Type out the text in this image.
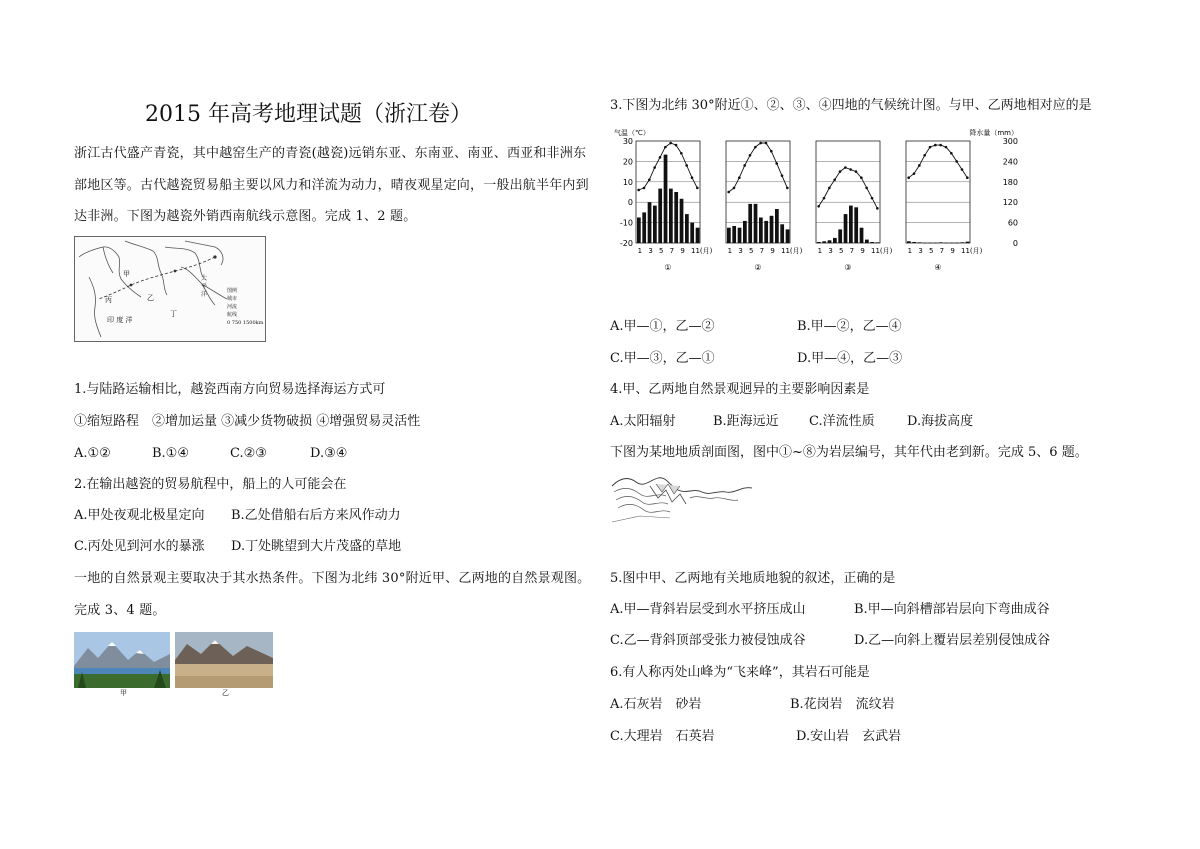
2015 年高考地理试题（浙江卷）
浙江古代盛产青瓷，其中越窑生产的青瓷(越瓷)远销东亚、东南亚、南亚、西亚和非洲东部地区等。古代越瓷贸易船主要以风力和洋流为动力，晴夜观星定向，一般出航半年内到达非洲。下图为越瓷外销西南航线示意图。完成 1、2 题。
甲
乙
丙
丁
印 度 洋
太
平
洋	图例
城市
河流
航线
0 750 1500km
1.与陆路运输相比，越瓷西南方向贸易选择海运方式可
①缩短路程　②增加运量 ③减少货物破损 ④增强贸易灵活性
A.①②	B.①④	C.②③	D.③④
2.在输出越瓷的贸易航程中，船上的人可能会在
A.甲处夜观北极星定向 B.乙处借船右后方来风作动力
C.丙处见到河水的暴涨 D.丁处眺望到大片茂盛的草地
一地的自然景观主要取决于其水热条件。下图为北纬 30°附近甲、乙两地的自然景观图。完成 3、4 题。
甲	乙
3.下图为北纬 30°附近①、②、③、④四地的气候统计图。与甲、乙两地相对应的是
气温（℃）	降水量（mm）
30
20
10
0
-10
-20
300
240
180
120
60
0
1 3 5 7 9 11(月)
①
1 3 5 7 9 11(月)
②
1 3 5 7 9 11(月)
③
1 3 5 7 9 11(月)
④
A.甲—①，乙—②	B.甲—②，乙—④
C.甲—③，乙—①	D.甲—④，乙—③
4.甲、乙两地自然景观迥异的主要影响因素是
A.太阳辐射	B.距海远近 C.洋流性质 D.海拔高度
下图为某地地质剖面图，图中①~⑧为岩层编号，其年代由老到新。完成 5、6 题。
5.图中甲、乙两地有关地质地貌的叙述，正确的是
A.甲—背斜岩层受到水平挤压成山	B.甲—向斜槽部岩层向下弯曲成谷
C.乙—背斜顶部受张力被侵蚀成谷	D.乙—向斜上覆岩层差别侵蚀成谷
6.有人称丙处山峰为“飞来峰”，其岩石可能是
A.石灰岩　砂岩	B.花岗岩　流纹岩
C.大理岩　石英岩	D.安山岩　玄武岩
